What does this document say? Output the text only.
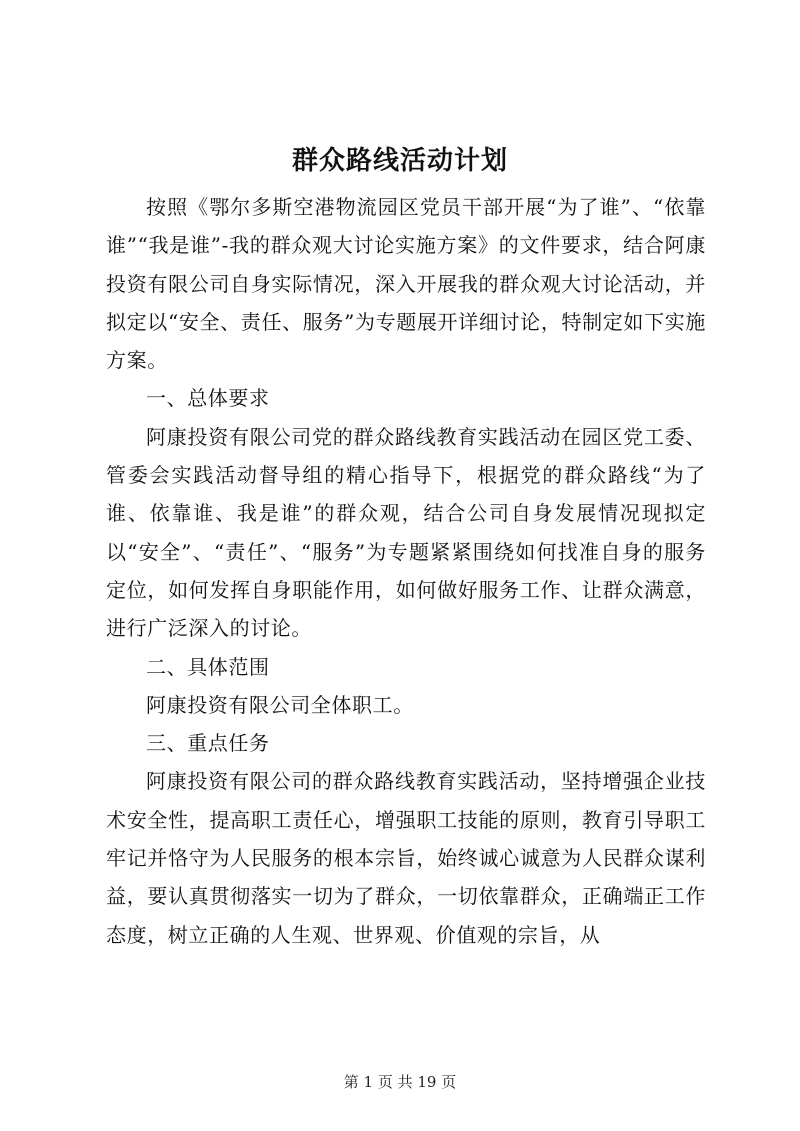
群众路线活动计划

按照《鄂尔多斯空港物流园区党员干部开展“为了谁”、“依靠谁”“我是谁”-我的群众观大讨论实施方案》的文件要求，结合阿康投资有限公司自身实际情况，深入开展我的群众观大讨论活动，并拟定以“安全、责任、服务”为专题展开详细讨论，特制定如下实施方案。

一、总体要求

阿康投资有限公司党的群众路线教育实践活动在园区党工委、管委会实践活动督导组的精心指导下，根据党的群众路线“为了谁、依靠谁、我是谁”的群众观，结合公司自身发展情况现拟定以“安全”、“责任”、“服务”为专题紧紧围绕如何找准自身的服务定位，如何发挥自身职能作用，如何做好服务工作、让群众满意，进行广泛深入的讨论。

二、具体范围

阿康投资有限公司全体职工。

三、重点任务

阿康投资有限公司的群众路线教育实践活动，坚持增强企业技术安全性，提高职工责任心，增强职工技能的原则，教育引导职工牢记并恪守为人民服务的根本宗旨，始终诚心诚意为人民群众谋利益，要认真贯彻落实一切为了群众，一切依靠群众，正确端正工作态度，树立正确的人生观、世界观、价值观的宗旨，从

第 1 页 共 19 页
